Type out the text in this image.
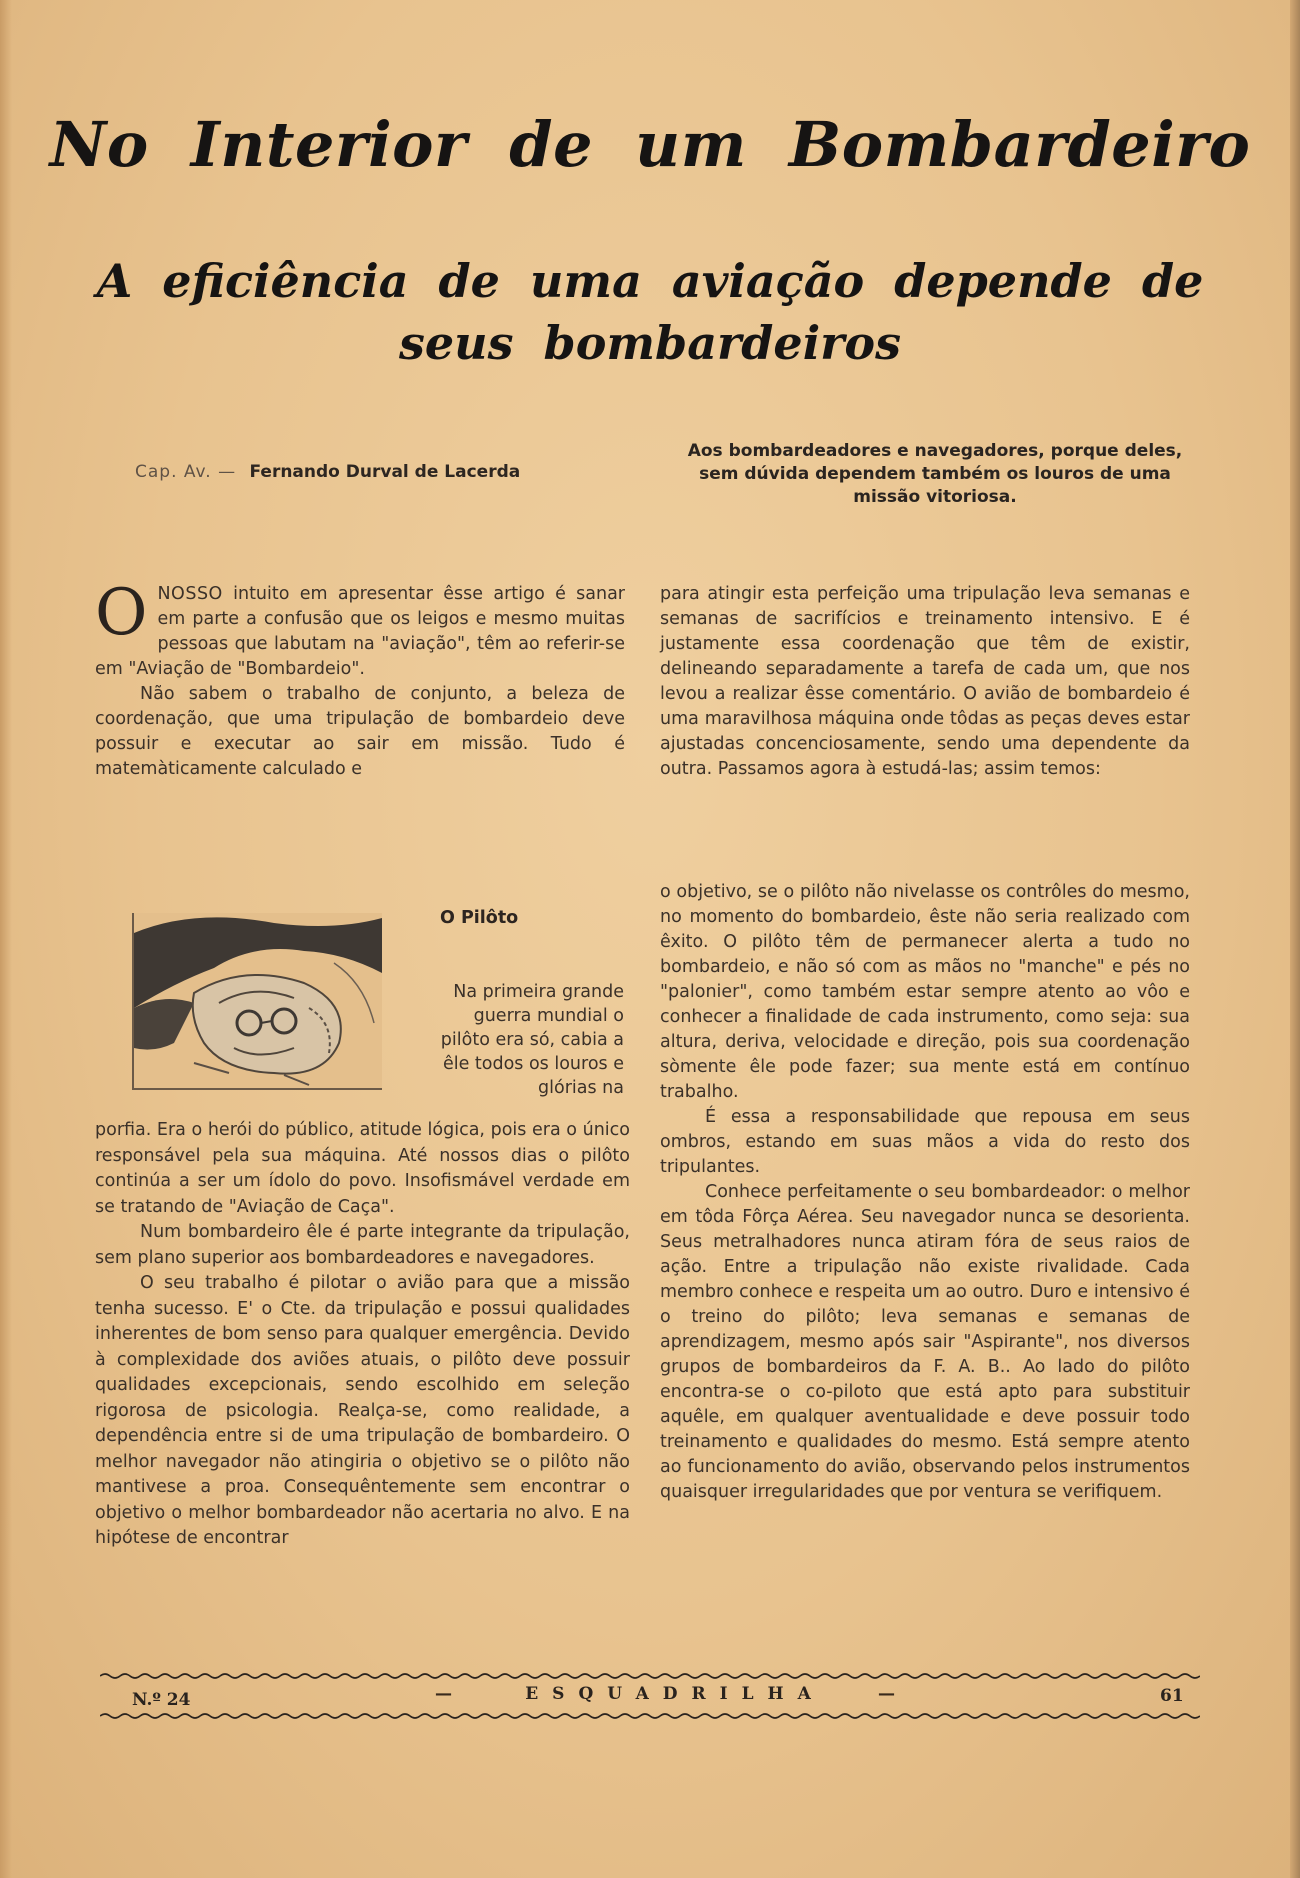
No Interior de um Bombardeiro
A eficiência de uma aviação depende de seus bombardeiros
Cap. Av. — Fernando Durval de Lacerda
Aos bombardeadores e navegadores, porque deles, sem dúvida dependem também os louros de uma missão vitoriosa.

ONOSSO intuito em apresentar êsse artigo é sanar em parte a confusão que os leigos e mesmo muitas pessoas que labutam na "aviação", têm ao referir-se em "Aviação de "Bombardeio".

Não sabem o trabalho de conjunto, a beleza de coordenação, que uma tripulação de bombardeio deve possuir e executar ao sair em missão. Tudo é matemàticamente calculado e

para atingir esta perfeição uma tripulação leva semanas e semanas de sacrifícios e treinamento intensivo. E é justamente essa coordenação que têm de existir, delineando separadamente a tarefa de cada um, que nos levou a realizar êsse comentário. O avião de bombardeio é uma maravilhosa máquina onde tôdas as peças deves estar ajustadas concenciosamente, sendo uma dependente da outra. Passamos agora à estudá-las; assim temos:

O Pilôto
Na primeira grande guerra mundial o pilôto era só, cabia a êle todos os louros e glórias na

porfia. Era o herói do público, atitude lógica, pois era o único responsável pela sua máquina. Até nossos dias o pilôto continúa a ser um ídolo do povo. Insofismável verdade em se tratando de "Aviação de Caça".

Num bombardeiro êle é parte integrante da tripulação, sem plano superior aos bombardeadores e navegadores.

O seu trabalho é pilotar o avião para que a missão tenha sucesso. E' o Cte. da tripulação e possui qualidades inherentes de bom senso para qualquer emergência. Devido à complexidade dos aviões atuais, o pilôto deve possuir qualidades excepcionais, sendo escolhido em seleção rigorosa de psicologia. Realça-se, como realidade, a dependência entre si de uma tripulação de bombardeiro. O melhor navegador não atingiria o objetivo se o pilôto não mantivese a proa. Consequêntemente sem encontrar o objetivo o melhor bombardeador não acertaria no alvo. E na hipótese de encontrar

o objetivo, se o pilôto não nivelasse os contrôles do mesmo, no momento do bombardeio, êste não seria realizado com êxito. O pilôto têm de permanecer alerta a tudo no bombardeio, e não só com as mãos no "manche" e pés no "palonier", como também estar sempre atento ao vôo e conhecer a finalidade de cada instrumento, como seja: sua altura, deriva, velocidade e direção, pois sua coordenação sòmente êle pode fazer; sua mente está em contínuo trabalho.

É essa a responsabilidade que repousa em seus ombros, estando em suas mãos a vida do resto dos tripulantes.

Conhece perfeitamente o seu bombardeador: o melhor em tôda Fôrça Aérea. Seu navegador nunca se desorienta. Seus metralhadores nunca atiram fóra de seus raios de ação. Entre a tripulação não existe rivalidade. Cada membro conhece e respeita um ao outro. Duro e intensivo é o treino do pilôto; leva semanas e semanas de aprendizagem, mesmo após sair "Aspirante", nos diversos grupos de bombardeiros da F. A. B.. Ao lado do pilôto encontra-se o co-piloto que está apto para substituir aquêle, em qualquer aventualidade e deve possuir todo treinamento e qualidades do mesmo. Está sempre atento ao funcionamento do avião, observando pelos instrumentos quaisquer irregularidades que por ventura se verifiquem.

N.º 24	—	ESQUADRILHA	—	61
